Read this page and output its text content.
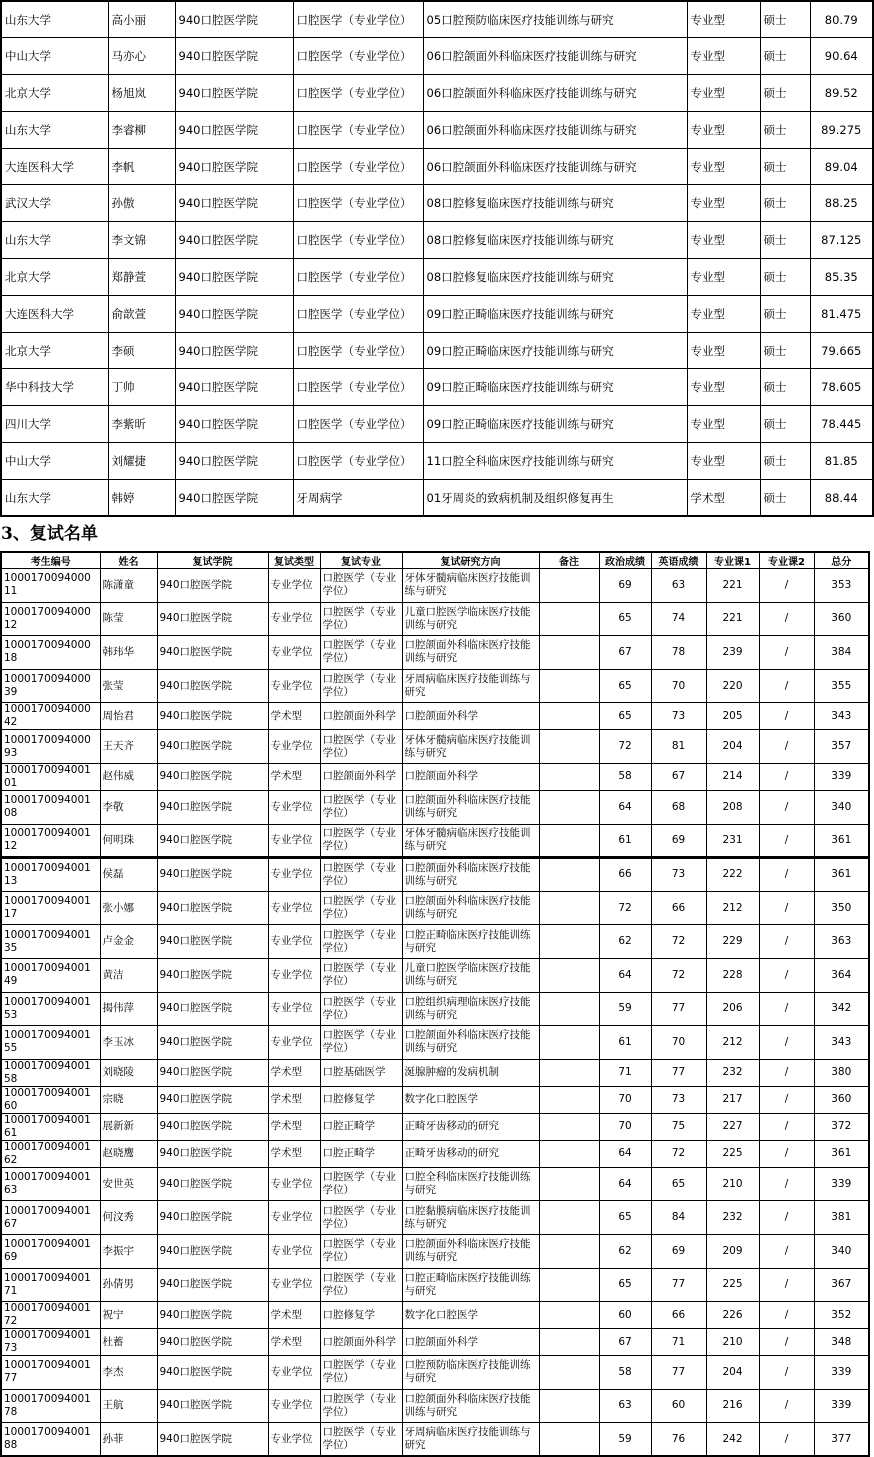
山东大学	高小丽	940口腔医学院	口腔医学（专业学位）	05口腔预防临床医疗技能训练与研究	专业型	硕士	80.79
中山大学	马亦心	940口腔医学院	口腔医学（专业学位）	06口腔颌面外科临床医疗技能训练与研究	专业型	硕士	90.64
北京大学	杨旭岚	940口腔医学院	口腔医学（专业学位）	06口腔颌面外科临床医疗技能训练与研究	专业型	硕士	89.52
山东大学	李睿柳	940口腔医学院	口腔医学（专业学位）	06口腔颌面外科临床医疗技能训练与研究	专业型	硕士	89.275
大连医科大学	李帆	940口腔医学院	口腔医学（专业学位）	06口腔颌面外科临床医疗技能训练与研究	专业型	硕士	89.04
武汉大学	孙傲	940口腔医学院	口腔医学（专业学位）	08口腔修复临床医疗技能训练与研究	专业型	硕士	88.25
山东大学	李文锦	940口腔医学院	口腔医学（专业学位）	08口腔修复临床医疗技能训练与研究	专业型	硕士	87.125
北京大学	郑静萱	940口腔医学院	口腔医学（专业学位）	08口腔修复临床医疗技能训练与研究	专业型	硕士	85.35
大连医科大学	俞歆萱	940口腔医学院	口腔医学（专业学位）	09口腔正畸临床医疗技能训练与研究	专业型	硕士	81.475
北京大学	李硕	940口腔医学院	口腔医学（专业学位）	09口腔正畸临床医疗技能训练与研究	专业型	硕士	79.665
华中科技大学	丁帅	940口腔医学院	口腔医学（专业学位）	09口腔正畸临床医疗技能训练与研究	专业型	硕士	78.605
四川大学	李紫昕	940口腔医学院	口腔医学（专业学位）	09口腔正畸临床医疗技能训练与研究	专业型	硕士	78.445
中山大学	刘耀捷	940口腔医学院	口腔医学（专业学位）	11口腔全科临床医疗技能训练与研究	专业型	硕士	81.85
山东大学	韩婷	940口腔医学院	牙周病学	01牙周炎的致病机制及组织修复再生	学术型	硕士	88.44
3、复试名单
考生编号	姓名	复试学院	复试类型	复试专业	复试研究方向	备注	政治成绩	英语成绩	专业课1	专业课2	总分
100017009400011	陈潇童	940口腔医学院	专业学位	口腔医学（专业学位）	牙体牙髓病临床医疗技能训练与研究		69	63	221	/	353
100017009400012	陈莹	940口腔医学院	专业学位	口腔医学（专业学位）	儿童口腔医学临床医疗技能训练与研究		65	74	221	/	360
100017009400018	韩玮华	940口腔医学院	专业学位	口腔医学（专业学位）	口腔颌面外科临床医疗技能训练与研究		67	78	239	/	384
100017009400039	张莹	940口腔医学院	专业学位	口腔医学（专业学位）	牙周病临床医疗技能训练与研究		65	70	220	/	355
100017009400042	周怡君	940口腔医学院	学术型	口腔颌面外科学	口腔颌面外科学		65	73	205	/	343
100017009400093	王天齐	940口腔医学院	专业学位	口腔医学（专业学位）	牙体牙髓病临床医疗技能训练与研究		72	81	204	/	357
100017009400101	赵伟威	940口腔医学院	学术型	口腔颌面外科学	口腔颌面外科学		58	67	214	/	339
100017009400108	李敬	940口腔医学院	专业学位	口腔医学（专业学位）	口腔颌面外科临床医疗技能训练与研究		64	68	208	/	340
100017009400112	何明珠	940口腔医学院	专业学位	口腔医学（专业学位）	牙体牙髓病临床医疗技能训练与研究		61	69	231	/	361
100017009400113	侯磊	940口腔医学院	专业学位	口腔医学（专业学位）	口腔颌面外科临床医疗技能训练与研究		66	73	222	/	361
100017009400117	张小娜	940口腔医学院	专业学位	口腔医学（专业学位）	口腔颌面外科临床医疗技能训练与研究		72	66	212	/	350
100017009400135	卢金金	940口腔医学院	专业学位	口腔医学（专业学位）	口腔正畸临床医疗技能训练与研究		62	72	229	/	363
100017009400149	黄洁	940口腔医学院	专业学位	口腔医学（专业学位）	儿童口腔医学临床医疗技能训练与研究		64	72	228	/	364
100017009400153	揭伟萍	940口腔医学院	专业学位	口腔医学（专业学位）	口腔组织病理临床医疗技能训练与研究		59	77	206	/	342
100017009400155	李玉冰	940口腔医学院	专业学位	口腔医学（专业学位）	口腔颌面外科临床医疗技能训练与研究		61	70	212	/	343
100017009400158	刘晓陵	940口腔医学院	学术型	口腔基础医学	涎腺肿瘤的发病机制		71	77	232	/	380
100017009400160	宗晓	940口腔医学院	学术型	口腔修复学	数字化口腔医学		70	73	217	/	360
100017009400161	展新新	940口腔医学院	学术型	口腔正畸学	正畸牙齿移动的研究		70	75	227	/	372
100017009400162	赵晓鹰	940口腔医学院	学术型	口腔正畸学	正畸牙齿移动的研究		64	72	225	/	361
100017009400163	安世英	940口腔医学院	专业学位	口腔医学（专业学位）	口腔全科临床医疗技能训练与研究		64	65	210	/	339
100017009400167	何汶秀	940口腔医学院	专业学位	口腔医学（专业学位）	口腔黏膜病临床医疗技能训练与研究		65	84	232	/	381
100017009400169	李振宇	940口腔医学院	专业学位	口腔医学（专业学位）	口腔颌面外科临床医疗技能训练与研究		62	69	209	/	340
100017009400171	孙倩男	940口腔医学院	专业学位	口腔医学（专业学位）	口腔正畸临床医疗技能训练与研究		65	77	225	/	367
100017009400172	祝宁	940口腔医学院	学术型	口腔修复学	数字化口腔医学		60	66	226	/	352
100017009400173	杜蓄	940口腔医学院	学术型	口腔颌面外科学	口腔颌面外科学		67	71	210	/	348
100017009400177	李杰	940口腔医学院	专业学位	口腔医学（专业学位）	口腔预防临床医疗技能训练与研究		58	77	204	/	339
100017009400178	王航	940口腔医学院	专业学位	口腔医学（专业学位）	口腔颌面外科临床医疗技能训练与研究		63	60	216	/	339
100017009400188	孙菲	940口腔医学院	专业学位	口腔医学（专业学位）	牙周病临床医疗技能训练与研究		59	76	242	/	377
